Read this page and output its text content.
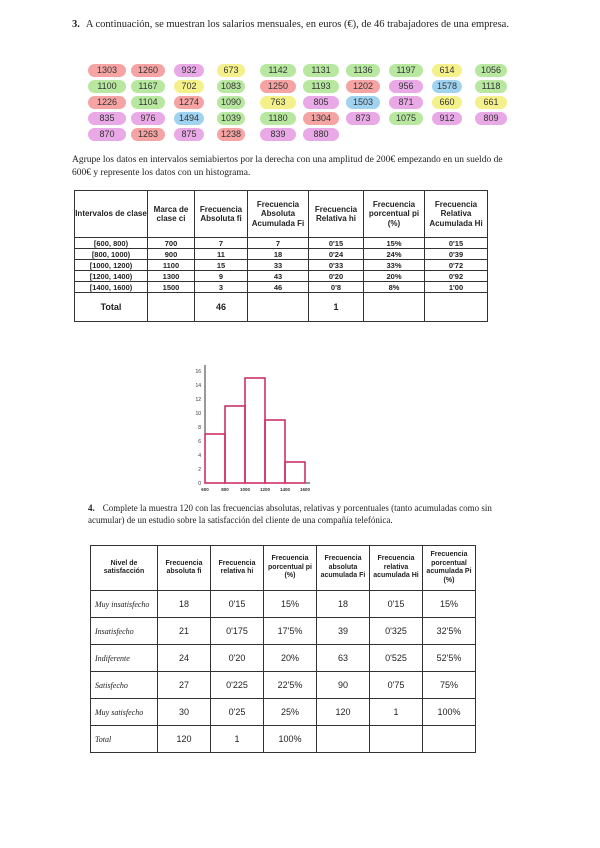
3. A continuación, se muestran los salarios mensuales, en euros (€), de 46 trabajadores de una empresa.
1303	1260	932	673	1142	1131	1136	1197	614	1056
1100	1167	702	1083	1250	1193	1202	956	1578	1118
1226	1104	1274	1090	763	805	1503	871	660	661
835	976	1494	1039	1180	1304	873	1075	912	809
870	1263	875	1238	839	880
Agrupe los datos en intervalos semiabiertos por la derecha con una amplitud de 200€ empezando en un sueldo de 600€ y represente los datos con un histograma.
Intervalos de clase	Marca de clase ci	Frecuencia Absoluta fi	Frecuencia Absoluta Acumulada Fi	Frecuencia Relativa hi	Frecuencia porcentual pi (%)	Frecuencia Relativa Acumulada Hi
[600, 800)	700	7	7	0'15	15%	0'15
[800, 1000)	900	11	18	0'24	24%	0'39
[1000, 1200)	1100	15	33	0'33	33%	0'72
[1200, 1400)	1300	9	43	0'20	20%	0'92
[1400, 1600)	1500	3	46	0'8	8%	1'00
Total		46		1		
0
2
4
6
8
10
12
14
16
600	800 1000 1200 1400 1600
4. Complete la muestra 120 con las frecuencias absolutas, relativas y porcentuales (tanto acumuladas como sin acumular) de un estudio sobre la satisfacción del cliente de una compañía telefónica.
Nivel de satisfacción	Frecuencia absoluta fi	Frecuencia relativa hi	Frecuencia porcentual pi (%)	Frecuencia absoluta acumulada Fi	Frecuencia relativa acumulada Hi	Frecuencia porcentual acumulada Pi (%)
Muy insatisfecho	18	0'15	15%	18	0'15	15%
Insatisfecho	21	0'175	17'5%	39	0'325	32'5%
Indiferente	24	0'20	20%	63	0'525	52'5%
Satisfecho	27	0'225	22'5%	90	0'75	75%
Muy satisfecho	30	0'25	25%	120	1	100%
Total	120	1	100%			
